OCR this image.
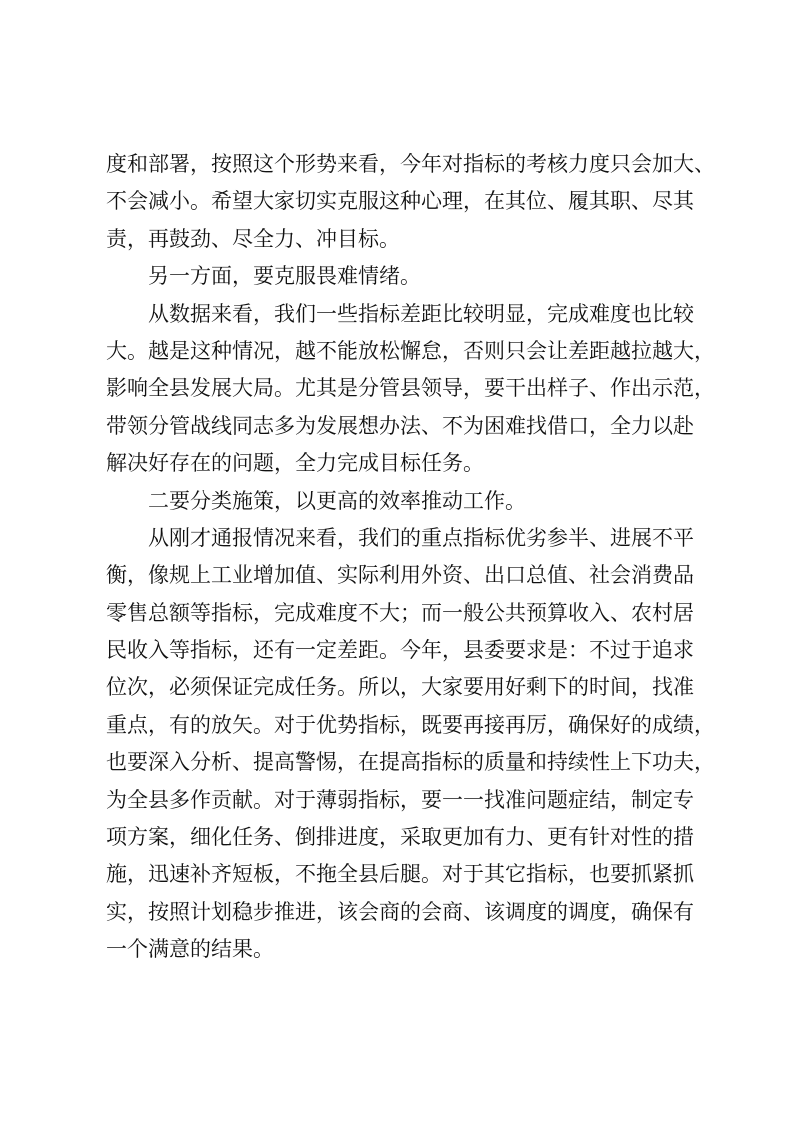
度和部署，按照这个形势来看，今年对指标的考核力度只会加大、
不会减小。希望大家切实克服这种心理，在其位、履其职、尽其
责，再鼓劲、尽全力、冲目标。
另一方面，要克服畏难情绪。
从数据来看，我们一些指标差距比较明显，完成难度也比较
大。越是这种情况，越不能放松懈怠，否则只会让差距越拉越大，
影响全县发展大局。尤其是分管县领导，要干出样子、作出示范，
带领分管战线同志多为发展想办法、不为困难找借口，全力以赴
解决好存在的问题，全力完成目标任务。
二要分类施策，以更高的效率推动工作。
从刚才通报情况来看，我们的重点指标优劣参半、进展不平
衡，像规上工业增加值、实际利用外资、出口总值、社会消费品
零售总额等指标，完成难度不大；而一般公共预算收入、农村居
民收入等指标，还有一定差距。今年，县委要求是：不过于追求
位次，必须保证完成任务。所以，大家要用好剩下的时间，找准
重点，有的放矢。对于优势指标，既要再接再厉，确保好的成绩，
也要深入分析、提高警惕，在提高指标的质量和持续性上下功夫，
为全县多作贡献。对于薄弱指标，要一一找准问题症结，制定专
项方案，细化任务、倒排进度，采取更加有力、更有针对性的措
施，迅速补齐短板，不拖全县后腿。对于其它指标，也要抓紧抓
实，按照计划稳步推进，该会商的会商、该调度的调度，确保有
一个满意的结果。
